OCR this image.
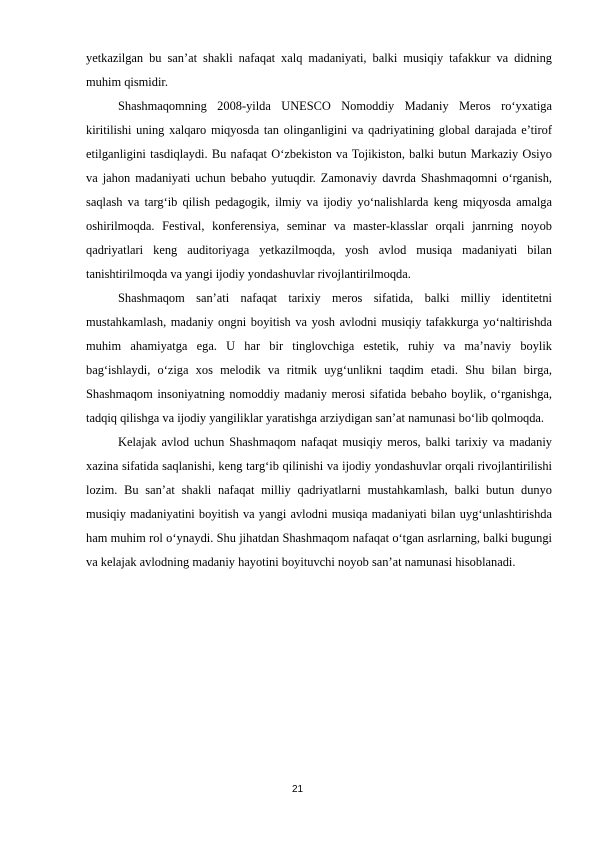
yetkazilgan bu san’at shakli nafaqat xalq madaniyati, balki musiqiy tafakkur va didning muhim qismidir.

Shashmaqomning 2008-yilda UNESCO Nomoddiy Madaniy Meros ro‘yxatiga kiritilishi uning xalqaro miqyosda tan olinganligini va qadriyatining global darajada e’tirof etilganligini tasdiqlaydi. Bu nafaqat O‘zbekiston va Tojikiston, balki butun Markaziy Osiyo va jahon madaniyati uchun bebaho yutuqdir. Zamonaviy davrda Shashmaqomni o‘rganish, saqlash va targ‘ib qilish pedagogik, ilmiy va ijodiy yo‘nalishlarda keng miqyosda amalga oshirilmoqda. Festival, konferensiya, seminar va master-klasslar orqali janrning noyob qadriyatlari keng auditoriyaga yetkazilmoqda, yosh avlod musiqa madaniyati bilan tanishtirilmoqda va yangi ijodiy yondashuvlar rivojlantirilmoqda.

Shashmaqom san’ati nafaqat tarixiy meros sifatida, balki milliy identitetni mustahkamlash, madaniy ongni boyitish va yosh avlodni musiqiy tafakkurga yo‘naltirishda muhim ahamiyatga ega. U har bir tinglovchiga estetik, ruhiy va ma’naviy boylik bag‘ishlaydi, o‘ziga xos melodik va ritmik uyg‘unlikni taqdim etadi. Shu bilan birga, Shashmaqom insoniyatning nomoddiy madaniy merosi sifatida bebaho boylik, o‘rganishga, tadqiq qilishga va ijodiy yangiliklar yaratishga arziydigan san’at namunasi bo‘lib qolmoqda.

Kelajak avlod uchun Shashmaqom nafaqat musiqiy meros, balki tarixiy va madaniy xazina sifatida saqlanishi, keng targ‘ib qilinishi va ijodiy yondashuvlar orqali rivojlantirilishi lozim. Bu san’at shakli nafaqat milliy qadriyatlarni mustahkamlash, balki butun dunyo musiqiy madaniyatini boyitish va yangi avlodni musiqa madaniyati bilan uyg‘unlashtirishda ham muhim rol o‘ynaydi. Shu jihatdan Shashmaqom nafaqat o‘tgan asrlarning, balki bugungi va kelajak avlodning madaniy hayotini boyituvchi noyob san’at namunasi hisoblanadi.

21
